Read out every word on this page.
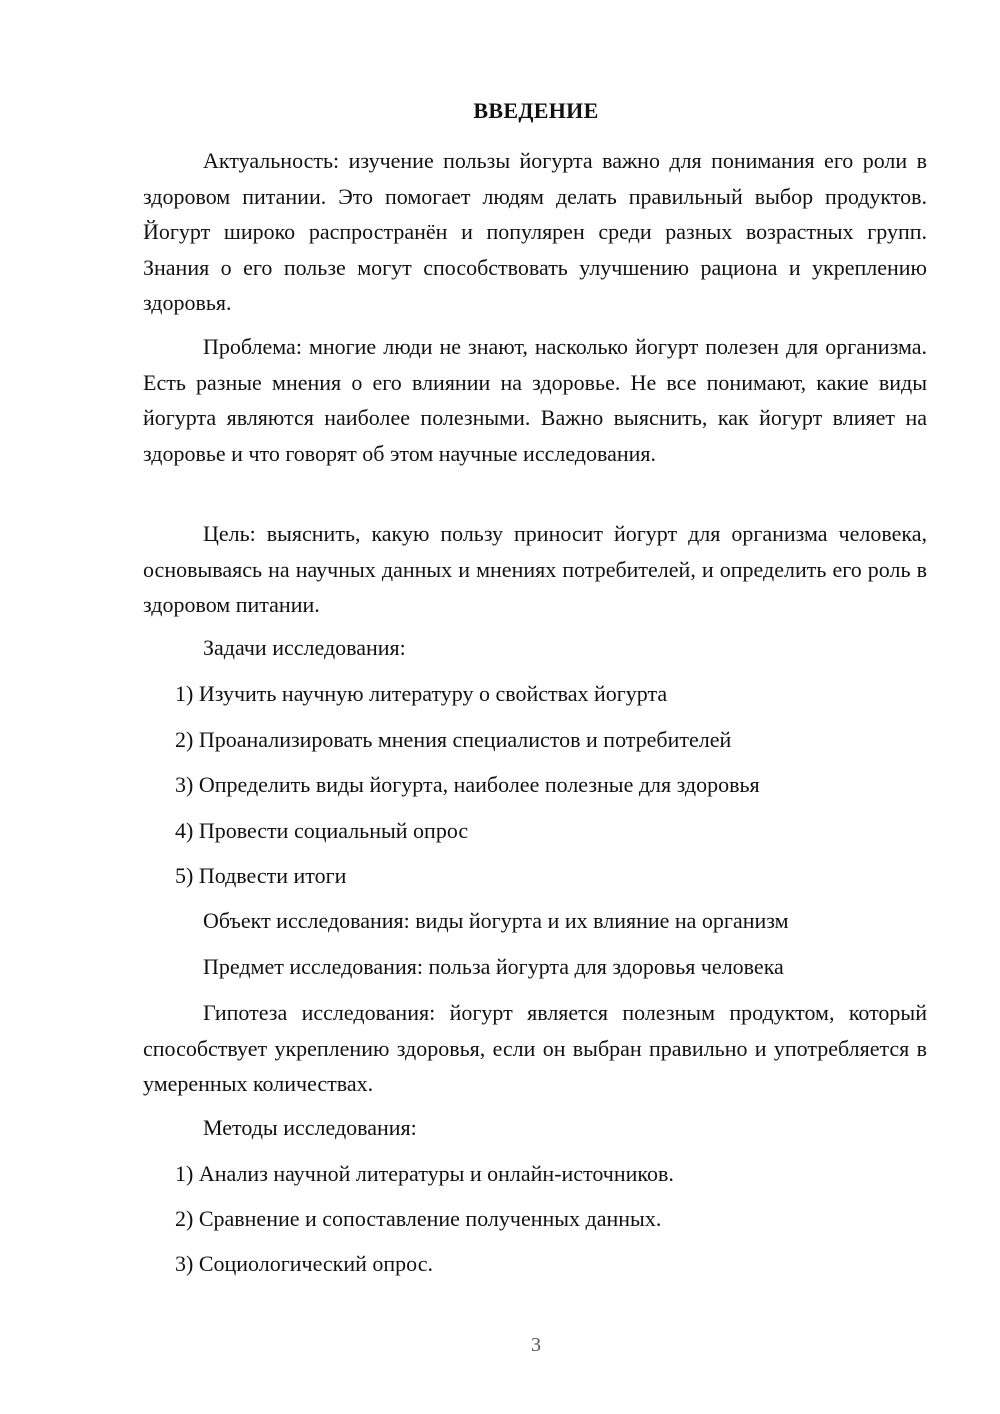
ВВЕДЕНИЕ

Актуальность: изучение пользы йогурта важно для понимания его роли в здоровом питании. Это помогает людям делать правильный выбор продуктов. Йогурт широко распространён и популярен среди разных возрастных групп. Знания о его пользе могут способствовать улучшению рациона и укреплению здоровья.

Проблема: многие люди не знают, насколько йогурт полезен для организма. Есть разные мнения о его влиянии на здоровье. Не все понимают, какие виды йогурта являются наиболее полезными. Важно выяснить, как йогурт влияет на здоровье и что говорят об этом научные исследования.

Цель: выяснить, какую пользу приносит йогурт для организма человека, основываясь на научных данных и мнениях потребителей, и определить его роль в здоровом питании.

Задачи исследования:

1) Изучить научную литературу о свойствах йогурта

2) Проанализировать мнения специалистов и потребителей

3) Определить виды йогурта, наиболее полезные для здоровья

4) Провести социальный опрос

5) Подвести итоги

Объект исследования: виды йогурта и их влияние на организм

Предмет исследования: польза йогурта для здоровья человека

Гипотеза исследования: йогурт является полезным продуктом, который способствует укреплению здоровья, если он выбран правильно и употребляется в умеренных количествах.

Методы исследования:

1) Анализ научной литературы и онлайн-источников.

2) Сравнение и сопоставление полученных данных.

3) Социологический опрос.

3
